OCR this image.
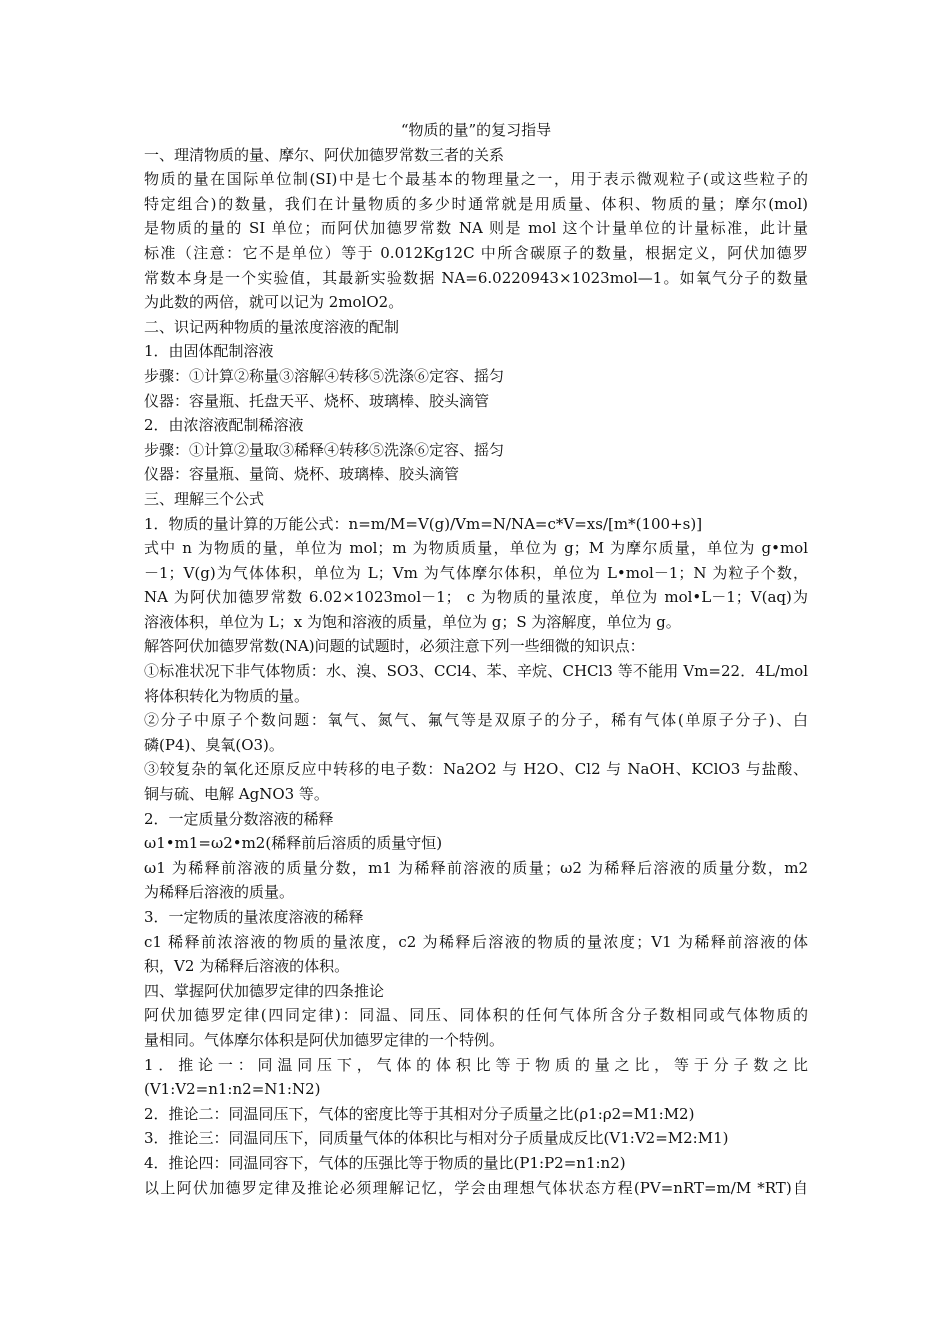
“物质的量”的复习指导
一、理清物质的量、摩尔、阿伏加德罗常数三者的关系
物质的量在国际单位制(SI)中是七个最基本的物理量之一，用于表示微观粒子(或这些粒子的
特定组合)的数量，我们在计量物质的多少时通常就是用质量、体积、物质的量；摩尔(mol)
是物质的量的 SI 单位；而阿伏加德罗常数 NA 则是 mol 这个计量单位的计量标准，此计量
标准（注意：它不是单位）等于 0.012Kg12C 中所含碳原子的数量，根据定义，阿伏加德罗
常数本身是一个实验值，其最新实验数据 NA=6.0220943×1023mol—1。如氧气分子的数量
为此数的两倍，就可以记为 2molO2。
二、识记两种物质的量浓度溶液的配制
1．由固体配制溶液
步骤：①计算②称量③溶解④转移⑤洗涤⑥定容、摇匀
仪器：容量瓶、托盘天平、烧杯、玻璃棒、胶头滴管
2．由浓溶液配制稀溶液
步骤：①计算②量取③稀释④转移⑤洗涤⑥定容、摇匀
仪器：容量瓶、量筒、烧杯、玻璃棒、胶头滴管
三、理解三个公式
1．物质的量计算的万能公式：n=m/M=V(g)/Vm=N/NA=c*V=xs/[m*(100+s)]
式中 n 为物质的量，单位为 mol；m 为物质质量，单位为 g；M 为摩尔质量，单位为 g•mol
－1；V(g)为气体体积，单位为 L；Vm 为气体摩尔体积，单位为 L•mol－1；N 为粒子个数，
NA 为阿伏加德罗常数 6.02×1023mol－1； c 为物质的量浓度，单位为 mol•L－1；V(aq)为
溶液体积，单位为 L；x 为饱和溶液的质量，单位为 g；S 为溶解度，单位为 g。
解答阿伏加德罗常数(NA)问题的试题时，必须注意下列一些细微的知识点：
①标准状况下非气体物质：水、溴、SO3、CCl4、苯、辛烷、CHCl3 等不能用 Vm=22．4L/mol
将体积转化为物质的量。
②分子中原子个数问题：氧气、氮气、氟气等是双原子的分子，稀有气体(单原子分子)、白
磷(P4)、臭氧(O3)。
③较复杂的氧化还原反应中转移的电子数：Na2O2 与 H2O、Cl2 与 NaOH、KClO3 与盐酸、
铜与硫、电解 AgNO3 等。
2．一定质量分数溶液的稀释
ω1•m1=ω2•m2(稀释前后溶质的质量守恒)
ω1 为稀释前溶液的质量分数，m1 为稀释前溶液的质量；ω2 为稀释后溶液的质量分数，m2
为稀释后溶液的质量。
3．一定物质的量浓度溶液的稀释
c1 稀释前浓溶液的物质的量浓度，c2 为稀释后溶液的物质的量浓度；V1 为稀释前溶液的体
积，V2 为稀释后溶液的体积。
四、掌握阿伏加德罗定律的四条推论
阿伏加德罗定律(四同定律)：同温、同压、同体积的任何气体所含分子数相同或气体物质的
量相同。气体摩尔体积是阿伏加德罗定律的一个特例。
1．推论一：同温同压下，气体的体积比等于物质的量之比，等于分子数之比
(V1:V2=n1:n2=N1:N2)
2．推论二：同温同压下，气体的密度比等于其相对分子质量之比(ρ1:ρ2=M1:M2)
3．推论三：同温同压下，同质量气体的体积比与相对分子质量成反比(V1:V2=M2:M1)
4．推论四：同温同容下，气体的压强比等于物质的量比(P1:P2=n1:n2)
以上阿伏加德罗定律及推论必须理解记忆，学会由理想气体状态方程(PV=nRT=m/M *RT)自
